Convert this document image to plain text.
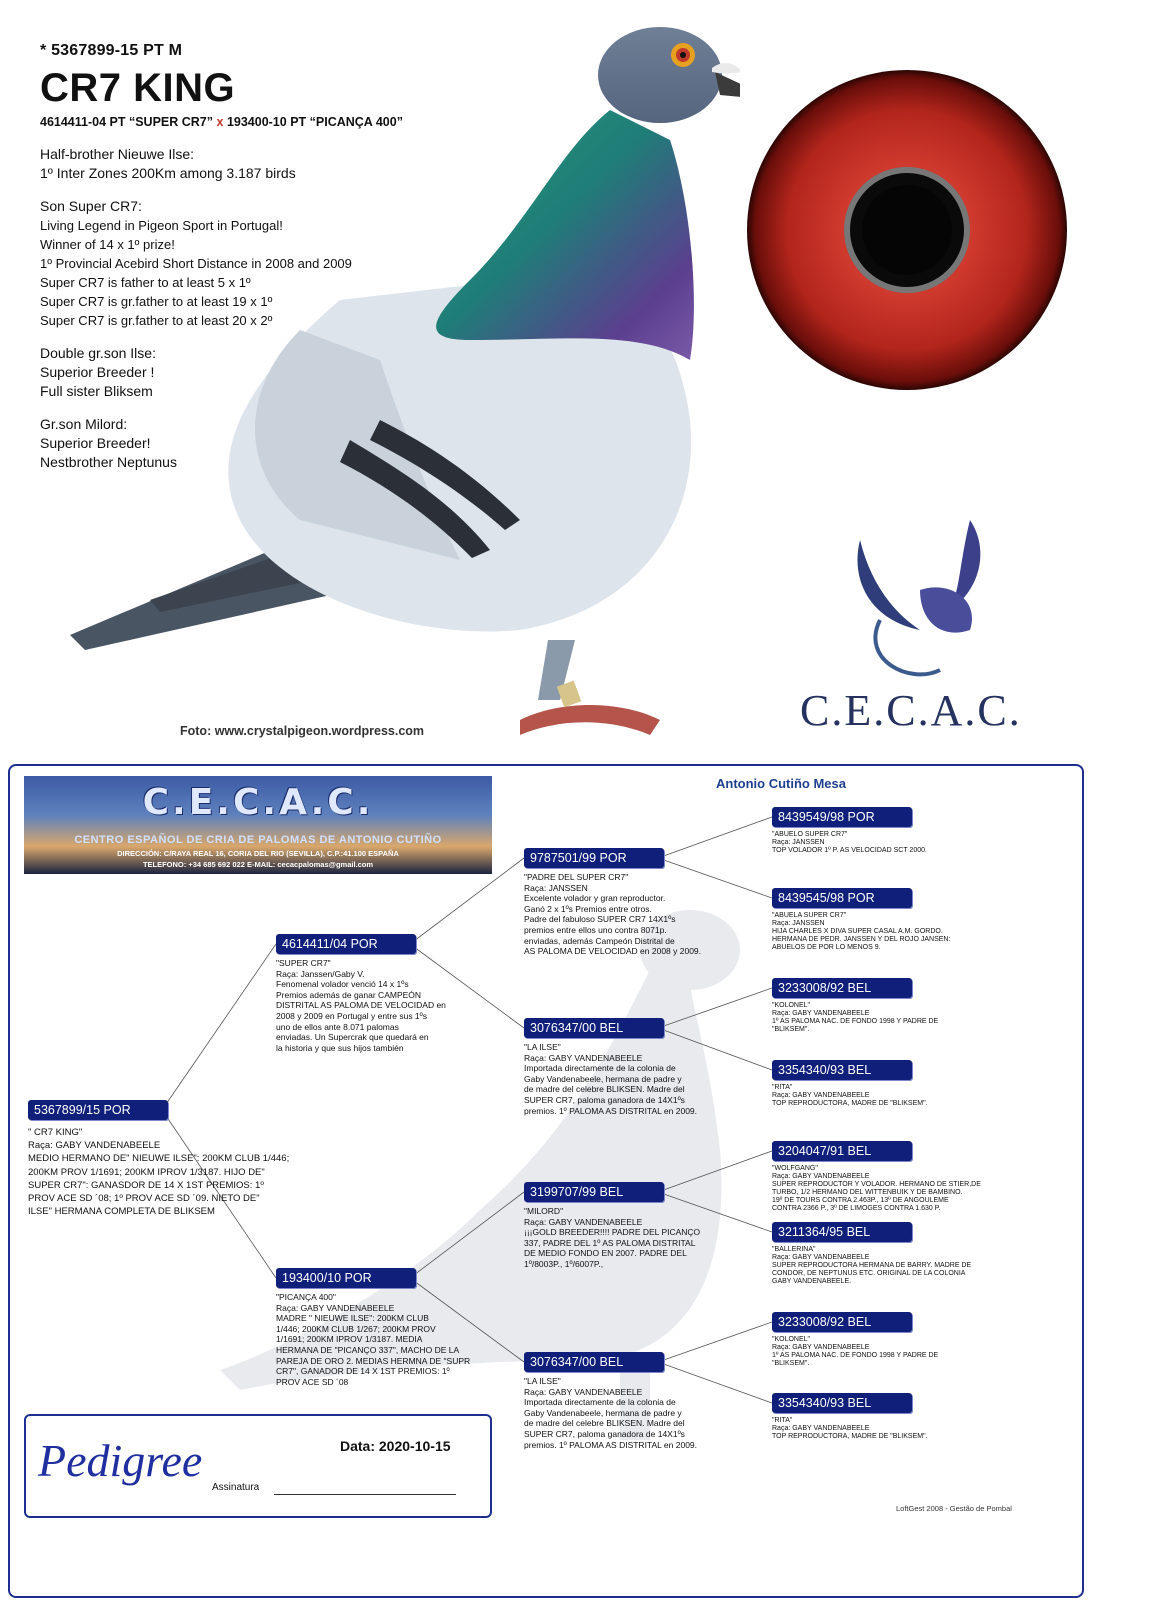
C.E.C.A.C.
* 5367899-15 PT M
CR7 KING
4614411-04 PT “SUPER CR7” x 193400-10 PT “PICANÇA 400”
Half-brother Nieuwe Ilse:
1º Inter Zones 200Km among 3.187 birds
Son Super CR7:
Living Legend in Pigeon Sport in Portugal!
Winner of 14 x 1º prize!
1º Provincial Acebird Short Distance in 2008 and 2009
Super CR7 is father to at least 5 x 1º
Super CR7 is gr.father to at least 19 x 1º
Super CR7 is gr.father to at least 20 x 2º
Double gr.son Ilse:
Superior Breeder !
Full sister Bliksem
Gr.son Milord:
Superior Breeder!
Nestbrother Neptunus
Foto: www.crystalpigeon.wordpress.com
C.E.C.A.C.
CENTRO ESPAÑOL DE CRIA DE PALOMAS DE ANTONIO CUTIÑO
DIRECCIÓN: C/RAYA REAL 16, CORIA DEL RIO (SEVILLA), C.P.:41.100 ESPAÑA
TELEFONO: +34 685 692 022 E-MAIL: cecacpalomas@gmail.com
Antonio Cutiño Mesa
5367899/15 POR
" CR7 KING"
Raça: GABY VANDENABEELE
MEDIO HERMANO DE" NIEUWE ILSE": 200KM CLUB 1/446;
200KM PROV 1/1691; 200KM IPROV 1/3187. HIJO DE"
SUPER CR7": GANASDOR DE 14 X 1ST PREMIOS: 1º
PROV ACE SD ´08; 1º PROV ACE SD ´09. NIETO DE"
ILSE" HERMANA COMPLETA DE BLIKSEM
4614411/04 POR
"SUPER CR7"
Raça: Janssen/Gaby V.
Fenomenal volador venció 14 x 1ºs
Premios además de ganar CAMPEÓN
DISTRITAL AS PALOMA DE VELOCIDAD en
2008 y 2009 en Portugal y entre sus 1ºs
uno de ellos ante 8.071 palomas
enviadas. Un Supercrak que quedará en
la historia y que sus hijos también
193400/10 POR
"PICANÇA 400"
Raça: GABY VANDENABEELE
MADRE " NIEUWE ILSE": 200KM CLUB
1/446; 200KM CLUB 1/267; 200KM PROV
1/1691; 200KM IPROV 1/3187. MEDIA
HERMANA DE "PICANÇO 337", MACHO DE LA
PAREJA DE ORO 2. MEDIAS HERMNA DE "SUPR
CR7", GANADOR DE 14 X 1ST PREMIOS: 1º
PROV ACE SD ´08
9787501/99 POR
"PADRE DEL SUPER CR7"
Raça: JANSSEN
Excelente volador y gran reproductor.
Ganó 2 x 1ºs Premios entre otros.
Padre del fabuloso SUPER CR7 14X1ºs
premios entre ellos uno contra 8071p.
enviadas, además Campeón Distrital de
AS PALOMA DE VELOCIDAD en 2008 y 2009.
3076347/00 BEL
"LA ILSE"
Raça: GABY VANDENABEELE
Importada directamente de la colonia de
Gaby Vandenabeele, hermana de padre y
de madre del celebre BLIKSEN. Madre del
SUPER CR7, paloma ganadora de 14X1ºs
premios. 1º PALOMA AS DISTRITAL en 2009.
3199707/99 BEL
"MILORD"
Raça: GABY VANDENABEELE
¡¡¡GOLD BREEDER!!!! PADRE DEL PICANÇO
337, PADRE DEL 1º AS PALOMA DISTRITAL
DE MEDIO FONDO EN 2007. PADRE DEL
1º/8003P., 1º/6007P.,
3076347/00 BEL
"LA ILSE"
Raça: GABY VANDENABEELE
Importada directamente de la colonia de
Gaby Vandenabeele, hermana de padre y
de madre del celebre BLIKSEN. Madre del
SUPER CR7, paloma ganadora de 14X1ºs
premios. 1º PALOMA AS DISTRITAL en 2009.
8439549/98 POR
"ABUELO SUPER CR7"
Raça: JANSSEN
TOP VOLADOR 1º P. AS VELOCIDAD SCT 2000.
8439545/98 POR
"ABUELA SUPER CR7"
Raça: JANSSEN
HIJA CHARLES X DIVA SUPER CASAL A.M. GORDO.
HERMANA DE PEDR. JANSSEN Y DEL ROJO JANSEN:
ABUELOS DE POR LO MENOS 9.
3233008/92 BEL
"KOLONEL"
Raça: GABY VANDENABEELE
1º AS PALOMA NAC. DE FONDO 1998 Y PADRE DE
"BLIKSEM".
3354340/93 BEL
"RITA"
Raça: GABY VANDENABEELE
TOP REPRODUCTORA, MADRE DE "BLIKSEM".
3204047/91 BEL
"WOLFGANG"
Raça: GABY VANDENABEELE
SUPER REPRODUCTOR Y VOLADOR. HERMANO DE STIER,DE
TURBO, 1/2 HERMANO DEL WITTENBUIK Y DE BAMBINO.
19º DE TOURS CONTRA 2.463P., 13º DE ANGOULEME
CONTRA 2366 P., 3º DE LIMOGES CONTRA 1.630 P.
3211364/95 BEL
"BALLERINA"
Raça: GABY VANDENABEELE
SUPER REPRODUCTORA HERMANA DE BARRY. MADRE DE
CONDOR, DE NEPTUNUS ETC. ORIGINAL DE LA COLONIA
GABY VANDENABEELE.
3233008/92 BEL
"KOLONEL"
Raça: GABY VANDENABEELE
1º AS PALOMA NAC. DE FONDO 1998 Y PADRE DE
"BLIKSEM".
3354340/93 BEL
"RITA"
Raça: GABY VANDENABEELE
TOP REPRODUCTORA, MADRE DE "BLIKSEM".
Pedigree	Data: 2020-10-15
Assinatura
LoftGest 2008 - Gestão de Pombal
